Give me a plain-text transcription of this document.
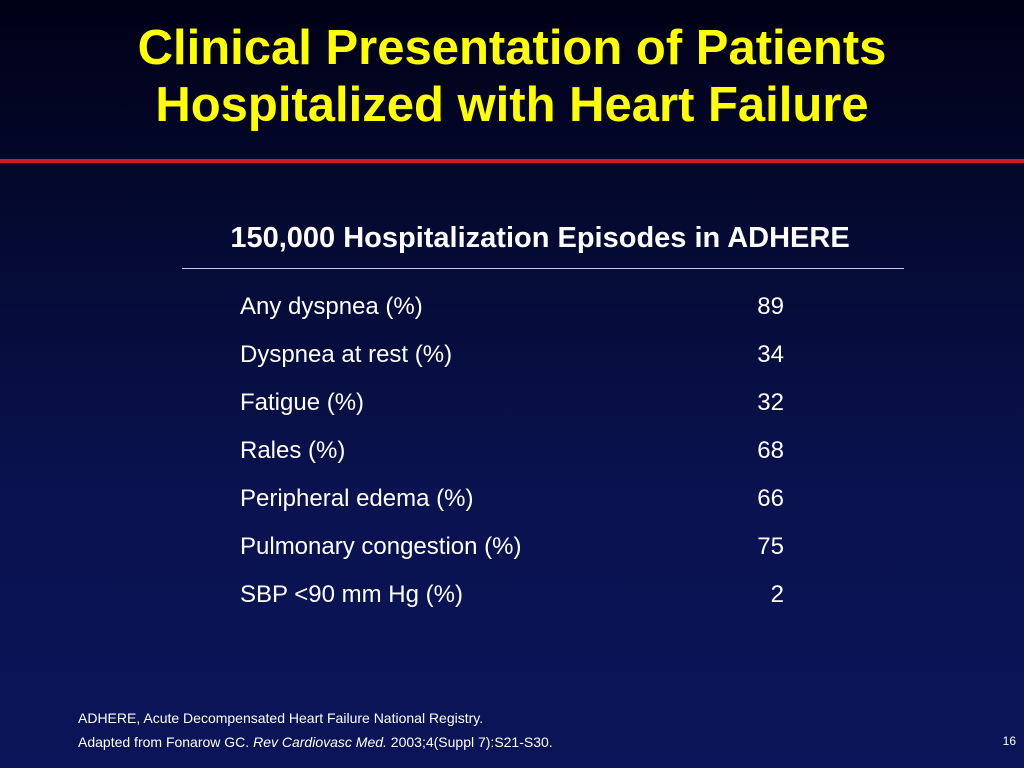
Clinical Presentation of Patients
Hospitalized with Heart Failure
150,000 Hospitalization Episodes in ADHERE
Any dyspnea (%)	89
Dyspnea at rest (%)	34
Fatigue (%)	32
Rales (%)	68
Peripheral edema (%)	66
Pulmonary congestion (%)	75
SBP <90 mm Hg (%)	2
ADHERE, Acute Decompensated Heart Failure National Registry.
Adapted from Fonarow GC. Rev Cardiovasc Med. 2003;4(Suppl 7):S21-S30.	16
